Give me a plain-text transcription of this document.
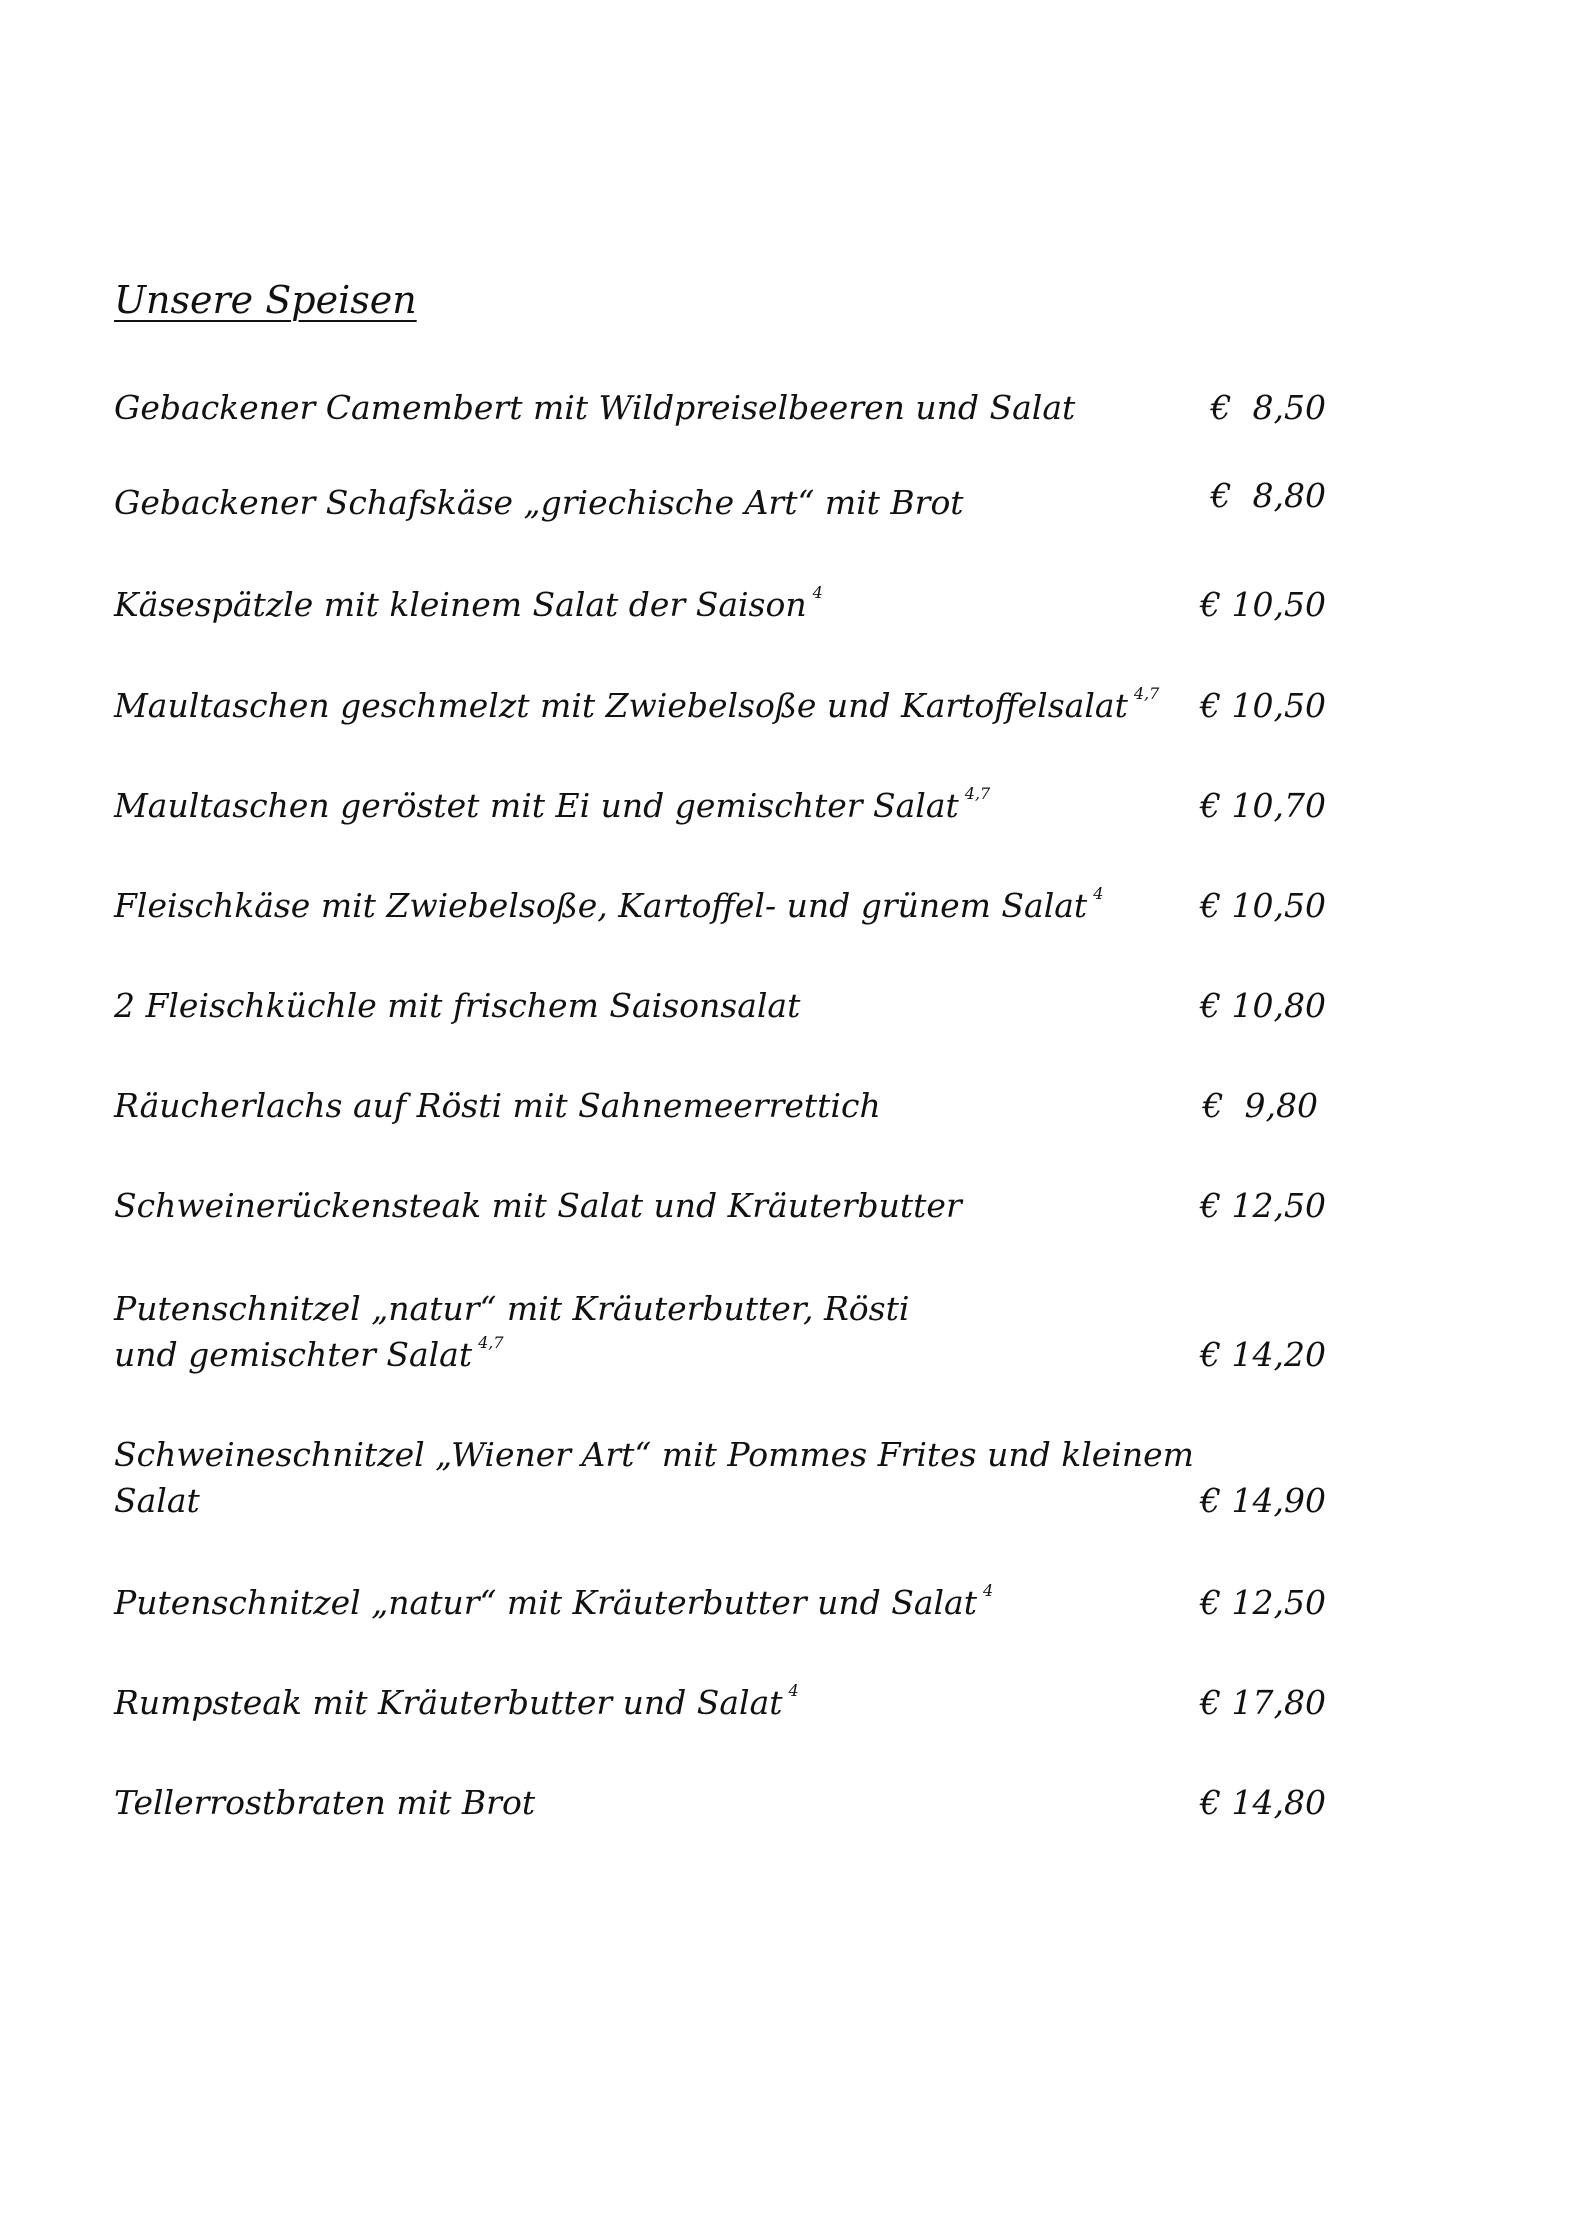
Unsere Speisen
Gebackener Camembert mit Wildpreiselbeeren und Salat	€  8,50
Gebackener Schafskäse „griechische Art“ mit Brot	€  8,80
Käsespätzle mit kleinem Salat der Saison $^4$	€ 10,50
Maultaschen geschmelzt mit Zwiebelsoße und Kartoffelsalat $^{4,7}$ € 10,50
Maultaschen geröstet mit Ei und gemischter Salat $^{4,7}$	€ 10,70
Fleischkäse mit Zwiebelsoße, Kartoffel- und grünem Salat $^4$	€ 10,50
2 Fleischküchle mit frischem Saisonsalat	€ 10,80
Räucherlachs auf Rösti mit Sahnemeerrettich	€  9,80
Schweinerückensteak mit Salat und Kräuterbutter	€ 12,50
Putenschnitzel „natur“ mit Kräuterbutter, Rösti
und gemischter Salat $^{4,7}$	€ 14,20
Schweineschnitzel „Wiener Art“ mit Pommes Frites und kleinem
Salat	€ 14,90
Putenschnitzel „natur“ mit Kräuterbutter und Salat $^4$	€ 12,50
Rumpsteak mit Kräuterbutter und Salat $^4$	€ 17,80
Tellerrostbraten mit Brot	€ 14,80
